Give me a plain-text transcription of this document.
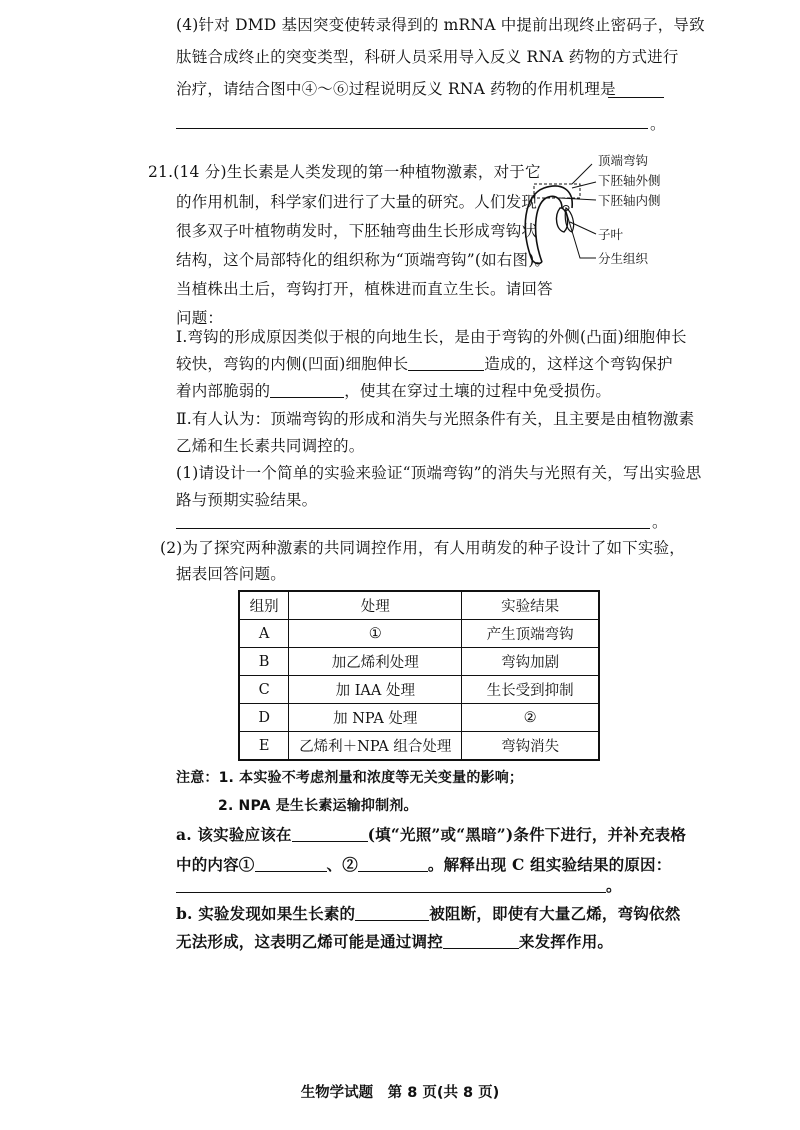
(4)针对 DMD 基因突变使转录得到的 mRNA 中提前出现终止密码子，导致
肽链合成终止的突变类型，科研人员采用导入反义 RNA 药物的方式进行
治疗，请结合图中④～⑥过程说明反义 RNA 药物的作用机理是
。
21.(14 分)生长素是人类发现的第一种植物激素，对于它
的作用机制，科学家们进行了大量的研究。人们发现
很多双子叶植物萌发时，下胚轴弯曲生长形成弯钩状
结构，这个局部特化的组织称为“顶端弯钩”(如右图)。
当植株出土后，弯钩打开，植株进而直立生长。请回答
问题：
顶端弯钩
下胚轴外侧
下胚轴内侧
子叶
分生组织
Ⅰ.弯钩的形成原因类似于根的向地生长，是由于弯钩的外侧(凸面)细胞伸长
较快，弯钩的内侧(凹面)细胞伸长	造成的，这样这个弯钩保护
着内部脆弱的	，使其在穿过土壤的过程中免受损伤。
Ⅱ.有人认为：顶端弯钩的形成和消失与光照条件有关，且主要是由植物激素
乙烯和生长素共同调控的。
(1)请设计一个简单的实验来验证“顶端弯钩”的消失与光照有关，写出实验思
路与预期实验结果。
。
(2)为了探究两种激素的共同调控作用，有人用萌发的种子设计了如下实验，
据表回答问题。
组别	处理	实验结果
A	①	产生顶端弯钩
B	加乙烯利处理	弯钩加剧
C	加 IAA 处理	生长受到抑制
D	加 NPA 处理	②
E	乙烯利＋NPA 组合处理	弯钩消失
注意：1. 本实验不考虑剂量和浓度等无关变量的影响；
2. NPA 是生长素运输抑制剂。
a. 该实验应该在	(填“光照”或“黑暗”)条件下进行，并补充表格
中的内容①	、②	。解释出现 C 组实验结果的原因：
。
b. 实验发现如果生长素的	被阻断，即使有大量乙烯，弯钩依然
无法形成，这表明乙烯可能是通过调控	来发挥作用。
生物学试题　第 8 页(共 8 页)
